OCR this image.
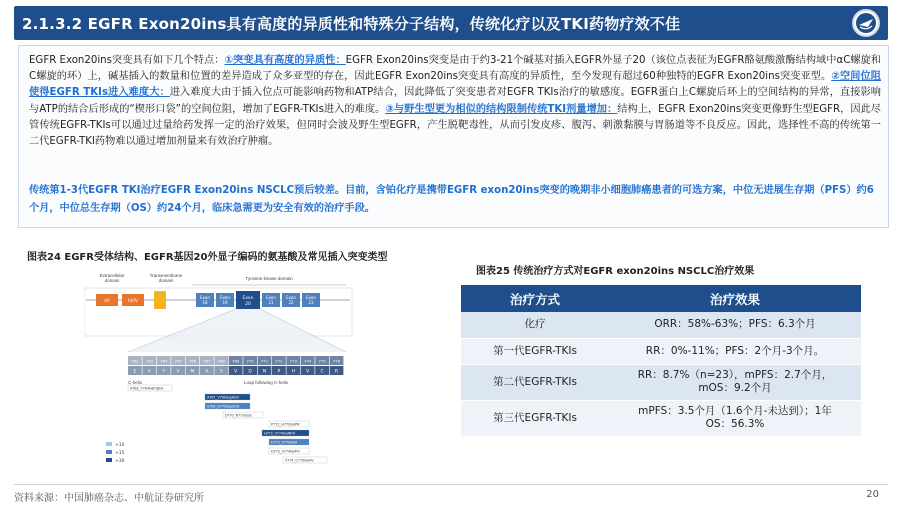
2.1.3.2 EGFR Exon20ins具有高度的异质性和特殊分子结构，传统化疗以及TKI药物疗效不佳
EGFR Exon20ins突变具有如下几个特点：①突变具有高度的异质性：EGFR Exon20ins突变是由于约3-21个碱基对插入EGFR外显子20（该位点表征为EGFR酪氨酸激酶结构域中αC螺旋和C螺旋的环）上，碱基插入的数量和位置的差异造成了众多亚型的存在，因此EGFR Exon20ins突变具有高度的异质性，至今发现有超过60种独特的EGFR Exon20ins突变亚型。②空间位阻使得EGFR TKIs进入难度大：进入难度大由于插入位点可能影响药物和ATP结合，因此降低了突变患者对EGFR TKIs治疗的敏感度。EGFR蛋白上C螺旋后环上的空间结构的异常，直接影响与ATP的结合后形成的“楔形口袋”的空间位阻，增加了EGFR-TKIs进入的难度。③与野生型更为相似的结构限制传统TKI剂量增加：结构上，EGFR Exon20ins突变更像野生型EGFR，因此尽管传统EGFR-TKIs可以通过过量给药发挥一定的治疗效果，但同时会波及野生型EGFR，产生脱靶毒性，从而引发皮疹、腹泻、刺激黏膜与胃肠道等不良反应。因此，选择性不高的传统第一二代EGFR-TKI药物难以通过增加剂量来有效治疗肿瘤。
传统第1-3代EGFR TKI治疗EGFR Exon20ins NSCLC预后较差。目前，含铂化疗是携带EGFR exon20ins突变的晚期非小细胞肺癌患者的可选方案，中位无进展生存期（PFS）约6个月，中位总生存期（OS）约24个月，临床急需更为安全有效的治疗手段。
图表24 EGFR受体结构、EGFR基因20外显子编码的氨基酸及常见插入突变类型
Extracellular
domain
Transmembrane
domain	Tyrosine kinase domain
I/II	III/IV
Exon
18
Exon
19
Exon
20
Exon
21
Exon
22
Exon
23
762
E
763
A
764
Y
765
V
766
M
767
A
768
S
769
V
770
D
771
N
772
P
773
H
774
V
775
C
776
R
C-helix	Loop following C-helix
A763_Y764insFQEA
A767_V769dupASV
S768_D770dupSVD
D770_N771insG
P772_H773insPR
H773_V774insNPH
H773_V774insH
H773_V774insPH
V774_C775insHV
>10
>15
>30
图表25 传统治疗方式对EGFR exon20ins NSCLC治疗效果
治疗方式	治疗效果
化疗	ORR：58%-63%；PFS：6.3个月
第一代EGFR-TKIs	RR：0%-11%；PFS：2个月-3个月。
第二代EGFR-TKIs	RR：8.7%（n=23），mPFS：2.7个月，mOS：9.2个月
第三代EGFR-TKIs	mPFS：3.5个月（1.6个月-未达到）；1年OS：56.3%
资料来源：中国肺癌杂志、中航证券研究所	20
